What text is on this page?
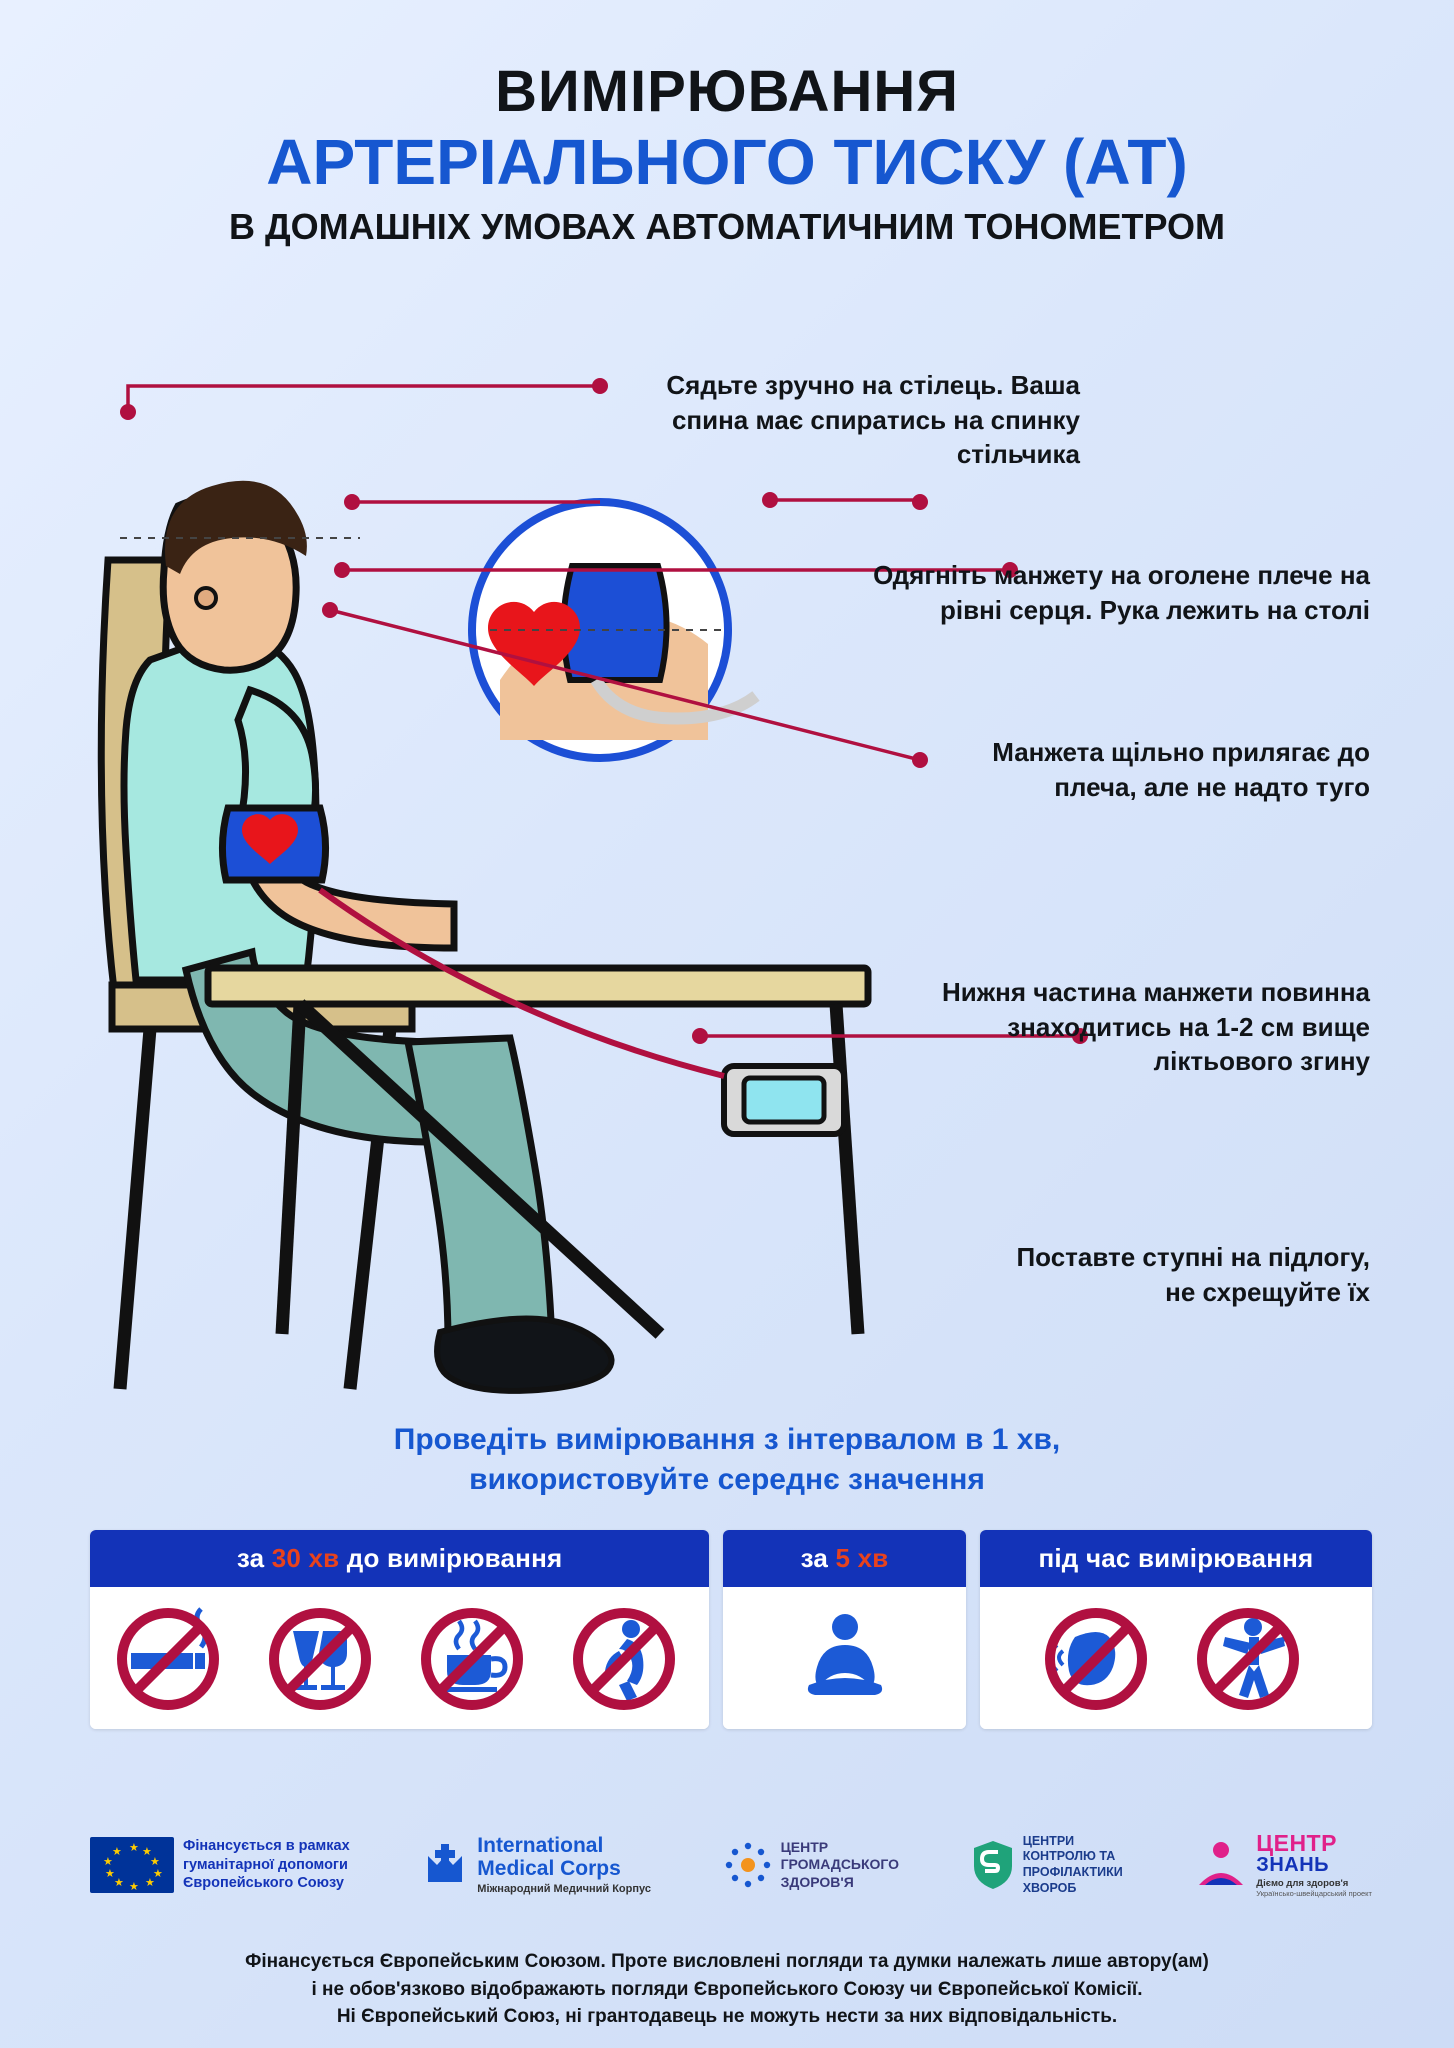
ВИМІРЮВАННЯ
АРТЕРІАЛЬНОГО ТИСКУ (АТ)
В ДОМАШНІХ УМОВАХ АВТОМАТИЧНИМ ТОНОМЕТРОМ
Сядьте зручно на стілець. Ваша спина має спиратись на спинку стільчика
Одягніть манжету на оголене плече на рівні серця. Рука лежить на столі
Манжета щільно прилягає до плеча, але не надто туго
Нижня частина манжети повинна знаходитись на 1-2 см вище ліктьового згину
Поставте ступні на підлогу, не схрещуйте їх
Проведіть вимірювання з інтервалом в 1 хв,
використовуйте середнє значення
за 30 хв до вимірювання	за 5 хв	під час вимірювання
★ ★
★
★
★
★
★
★
★
★	Фінансується в рамках
гуманітарної допомоги
Європейського Союзу
International
Medical Corps
Міжнародний Медичний Корпус
ЦЕНТР
ГРОМАДСЬКОГО
ЗДОРОВ'Я
ЦЕНТРИ
КОНТРОЛЮ ТА
ПРОФІЛАКТИКИ
ХВОРОБ
ЦЕНТР
ЗНАНЬ
Діємо для здоров'я
Українсько-швейцарський проект
Фінансується Європейським Союзом. Проте висловлені погляди та думки належать лише автору(ам)
і не обов'язково відображають погляди Європейського Союзу чи Європейської Комісії.
Ні Європейський Союз, ні грантодавець не можуть нести за них відповідальність.
